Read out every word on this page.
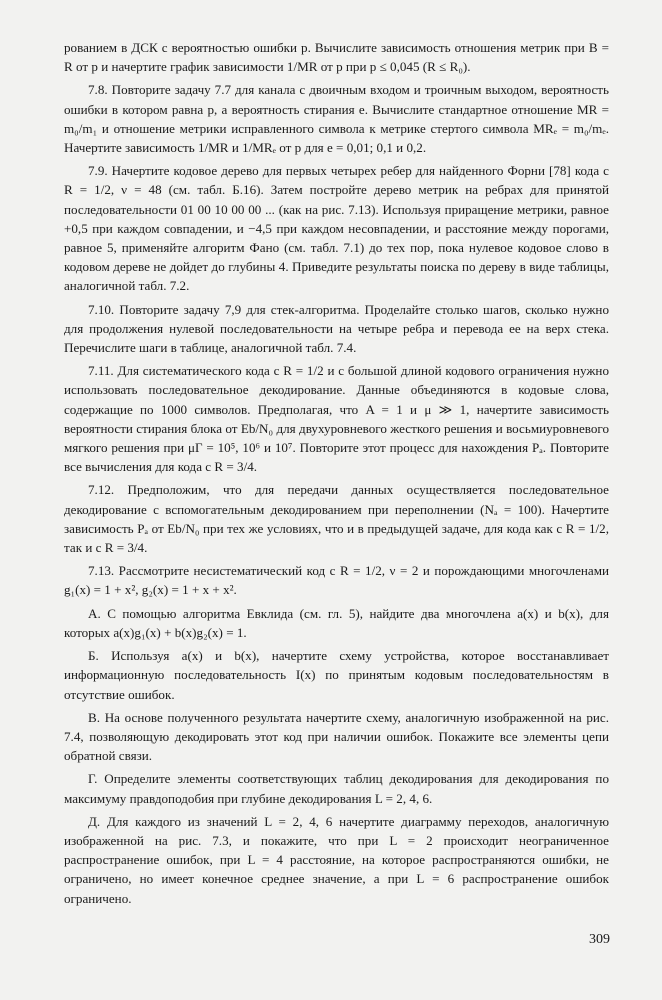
рованием в ДСК с вероятностью ошибки p. Вычислите зависимость отношения метрик при B = R от p и начертите график зависимости 1/MR от p при p ≤ 0,045 (R ≤ R₀).

7.8. Повторите задачу 7.7 для канала с двоичным входом и троичным выходом, вероятность ошибки в котором равна p, а вероятность стирания e. Вычислите стандартное отношение MR = m₀/m₁ и отношение метрики исправленного символа к метрике стертого символа MRₑ = m₀/mₑ. Начертите зависимость 1/MR и 1/MRₑ от p для e = 0,01; 0,1 и 0,2.

7.9. Начертите кодовое дерево для первых четырех ребер для найденного Форни [78] кода с R = 1/2, ν = 48 (см. табл. Б.16). Затем постройте дерево метрик на ребрах для принятой последовательности 01 00 10 00 00 ... (как на рис. 7.13). Используя приращение метрики, равное +0,5 при каждом совпадении, и −4,5 при каждом несовпадении, и расстояние между порогами, равное 5, применяйте алгоритм Фано (см. табл. 7.1) до тех пор, пока нулевое кодовое слово в кодовом дереве не дойдет до глубины 4. Приведите результаты поиска по дереву в виде таблицы, аналогичной табл. 7.2.

7.10. Повторите задачу 7,9 для стек-алгоритма. Проделайте столько шагов, сколько нужно для продолжения нулевой последовательности на четыре ребра и перевода ее на верх стека. Перечислите шаги в таблице, аналогичной табл. 7.4.

7.11. Для систематического кода с R = 1/2 и с большой длиной кодового ограничения нужно использовать последовательное декодирование. Данные объединяются в кодовые слова, содержащие по 1000 символов. Предполагая, что A = 1 и μ ≫ 1, начертите зависимость вероятности стирания блока от Eb/N₀ для двухуровневого жесткого решения и восьмиуровневого мягкого решения при μΓ = 10⁵, 10⁶ и 10⁷. Повторите этот процесс для нахождения Pₐ. Повторите все вычисления для кода с R = 3/4.

7.12. Предположим, что для передачи данных осуществляется последовательное декодирование с вспомогательным декодированием при переполнении (Nₐ = 100). Начертите зависимость Pₐ от Eb/N₀ при тех же условиях, что и в предыдущей задаче, для кода как с R = 1/2, так и с R = 3/4.

7.13. Рассмотрите несистематический код с R = 1/2, ν = 2 и порождающими многочленами g₁(x) = 1 + x², g₂(x) = 1 + x + x².

А. С помощью алгоритма Евклида (см. гл. 5), найдите два многочлена a(x) и b(x), для которых a(x)g₁(x) + b(x)g₂(x) = 1.

Б. Используя a(x) и b(x), начертите схему устройства, которое восстанавливает информационную последовательность I(x) по принятым кодовым последовательностям в отсутствие ошибок.

В. На основе полученного результата начертите схему, аналогичную изображенной на рис. 7.4, позволяющую декодировать этот код при наличии ошибок. Покажите все элементы цепи обратной связи.

Г. Определите элементы соответствующих таблиц декодирования для декодирования по максимуму правдоподобия при глубине декодирования L = 2, 4, 6.

Д. Для каждого из значений L = 2, 4, 6 начертите диаграмму переходов, аналогичную изображенной на рис. 7.3, и покажите, что при L = 2 происходит неограниченное распространение ошибок, при L = 4 расстояние, на которое распространяются ошибки, не ограничено, но имеет конечное среднее значение, а при L = 6 распространение ошибок ограничено.

309
